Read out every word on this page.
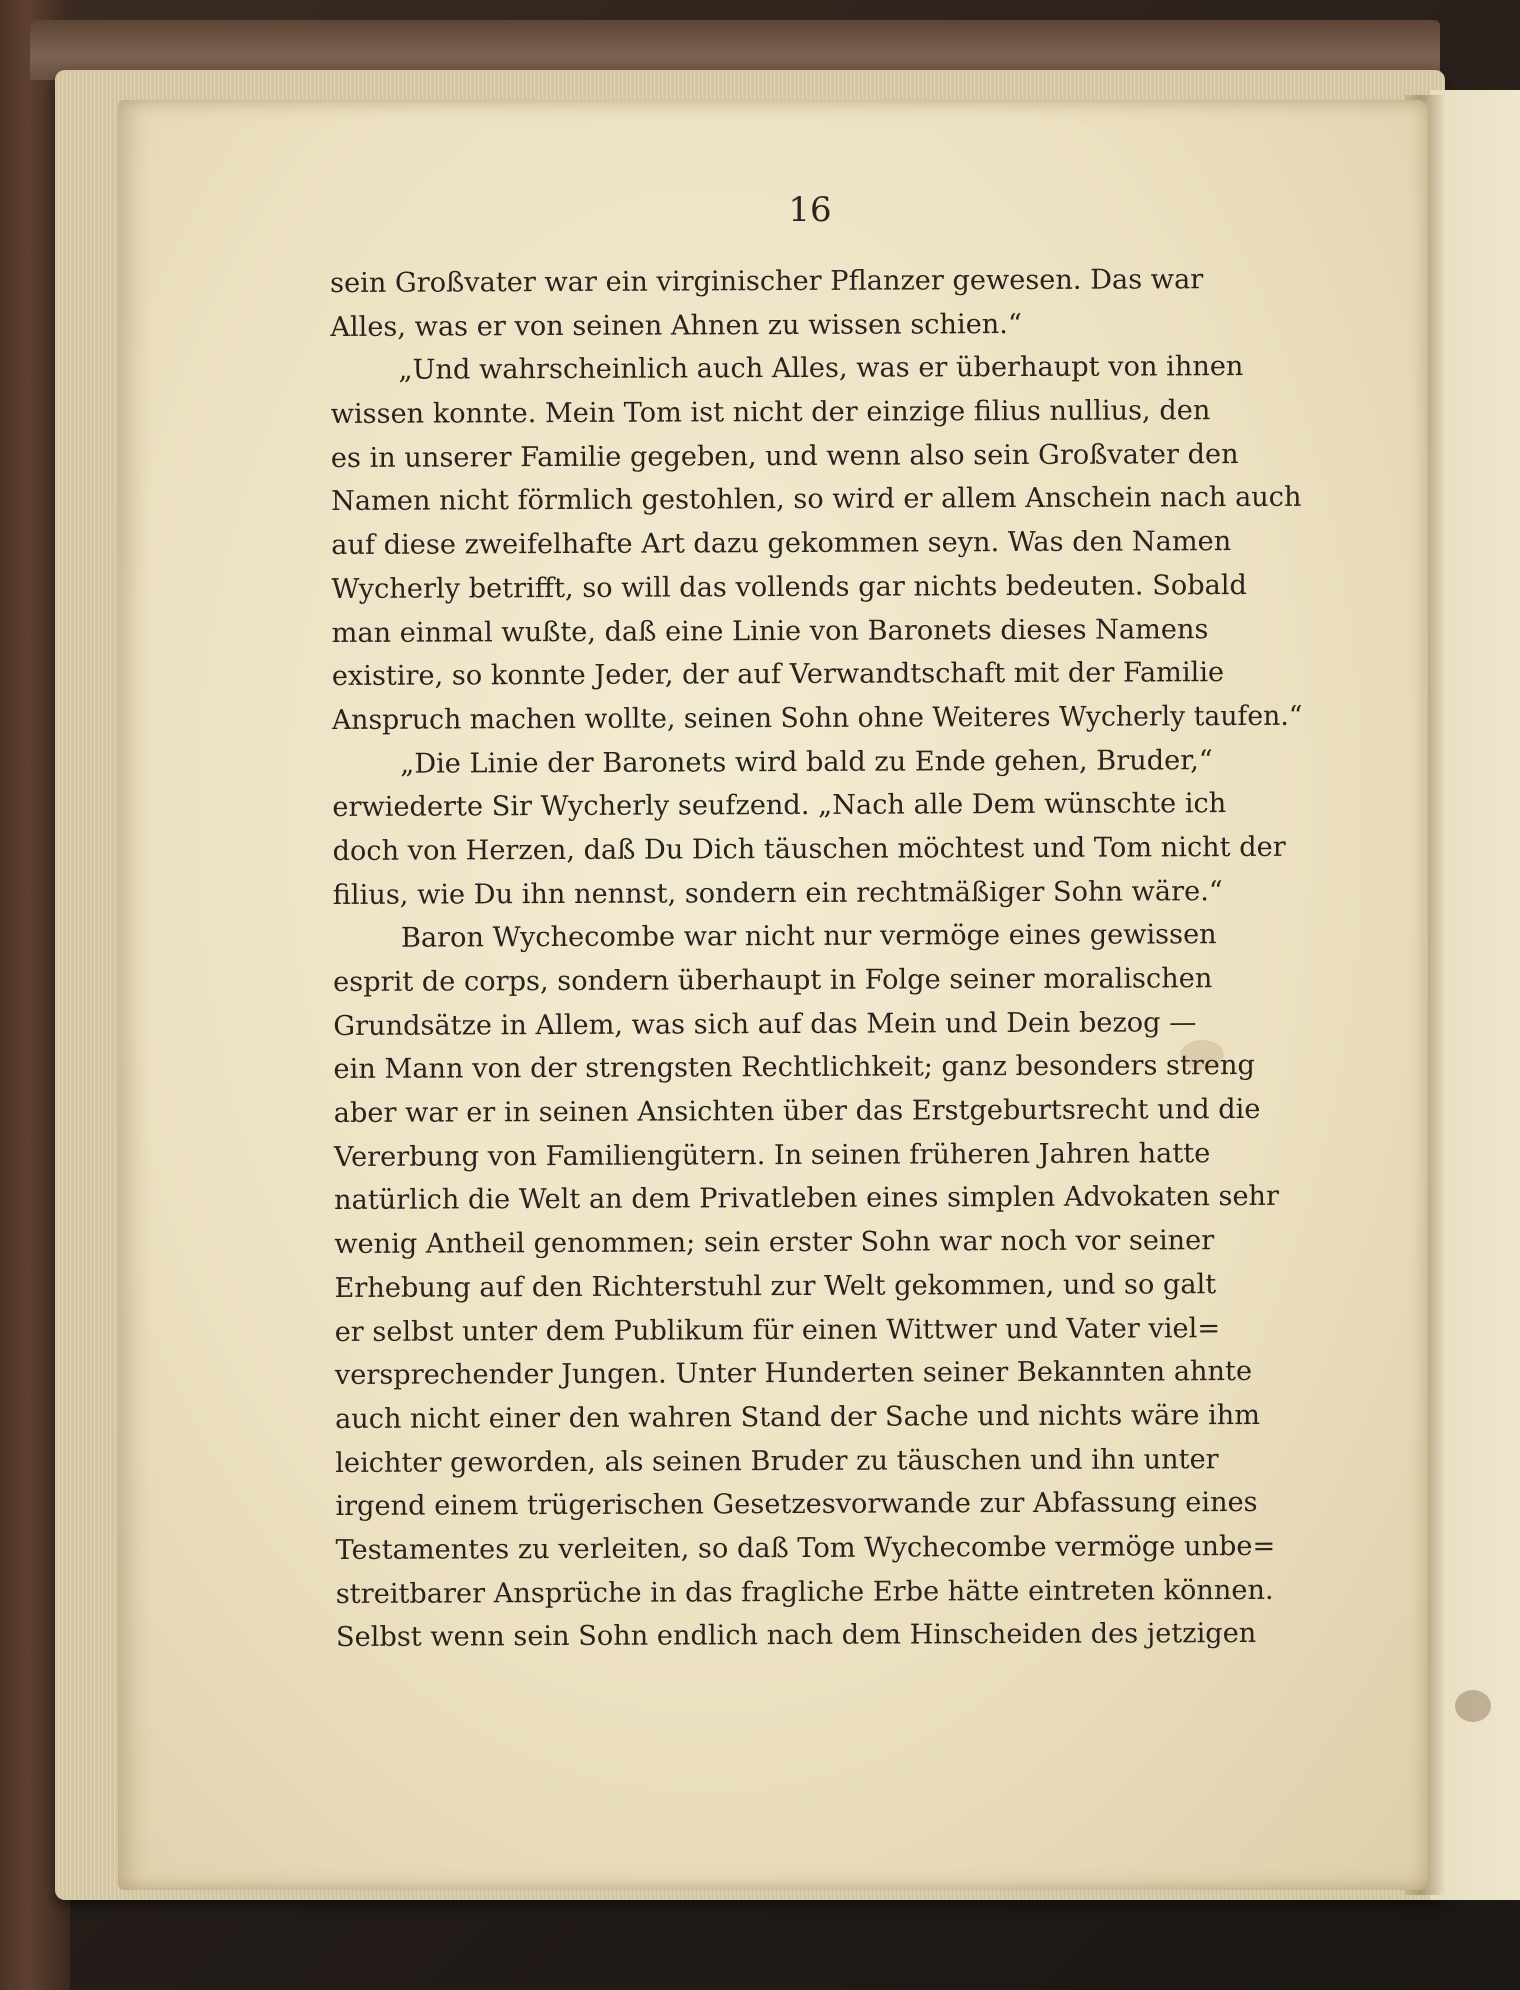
16
sein Großvater war ein virginischer Pflanzer gewesen. Das war
Alles, was er von seinen Ahnen zu wissen schien.“
„Und wahrscheinlich auch Alles, was er überhaupt von ihnen
wissen konnte. Mein Tom ist nicht der einzige filius nullius, den
es in unserer Familie gegeben, und wenn also sein Großvater den
Namen nicht förmlich gestohlen, so wird er allem Anschein nach auch
auf diese zweifelhafte Art dazu gekommen seyn. Was den Namen
Wycherly betrifft, so will das vollends gar nichts bedeuten. Sobald
man einmal wußte, daß eine Linie von Baronets dieses Namens
existire, so konnte Jeder, der auf Verwandtschaft mit der Familie
Anspruch machen wollte, seinen Sohn ohne Weiteres Wycherly taufen.“
„Die Linie der Baronets wird bald zu Ende gehen, Bruder,“
erwiederte Sir Wycherly seufzend. „Nach alle Dem wünschte ich
doch von Herzen, daß Du Dich täuschen möchtest und Tom nicht der
filius, wie Du ihn nennst, sondern ein rechtmäßiger Sohn wäre.“
Baron Wychecombe war nicht nur vermöge eines gewissen
esprit de corps, sondern überhaupt in Folge seiner moralischen
Grundsätze in Allem, was sich auf das Mein und Dein bezog —
ein Mann von der strengsten Rechtlichkeit; ganz besonders streng
aber war er in seinen Ansichten über das Erstgeburtsrecht und die
Vererbung von Familiengütern. In seinen früheren Jahren hatte
natürlich die Welt an dem Privatleben eines simplen Advokaten sehr
wenig Antheil genommen; sein erster Sohn war noch vor seiner
Erhebung auf den Richterstuhl zur Welt gekommen, und so galt
er selbst unter dem Publikum für einen Wittwer und Vater viel=
versprechender Jungen. Unter Hunderten seiner Bekannten ahnte
auch nicht einer den wahren Stand der Sache und nichts wäre ihm
leichter geworden, als seinen Bruder zu täuschen und ihn unter
irgend einem trügerischen Gesetzesvorwande zur Abfassung eines
Testamentes zu verleiten, so daß Tom Wychecombe vermöge unbe=
streitbarer Ansprüche in das fragliche Erbe hätte eintreten können.
Selbst wenn sein Sohn endlich nach dem Hinscheiden des jetzigen
